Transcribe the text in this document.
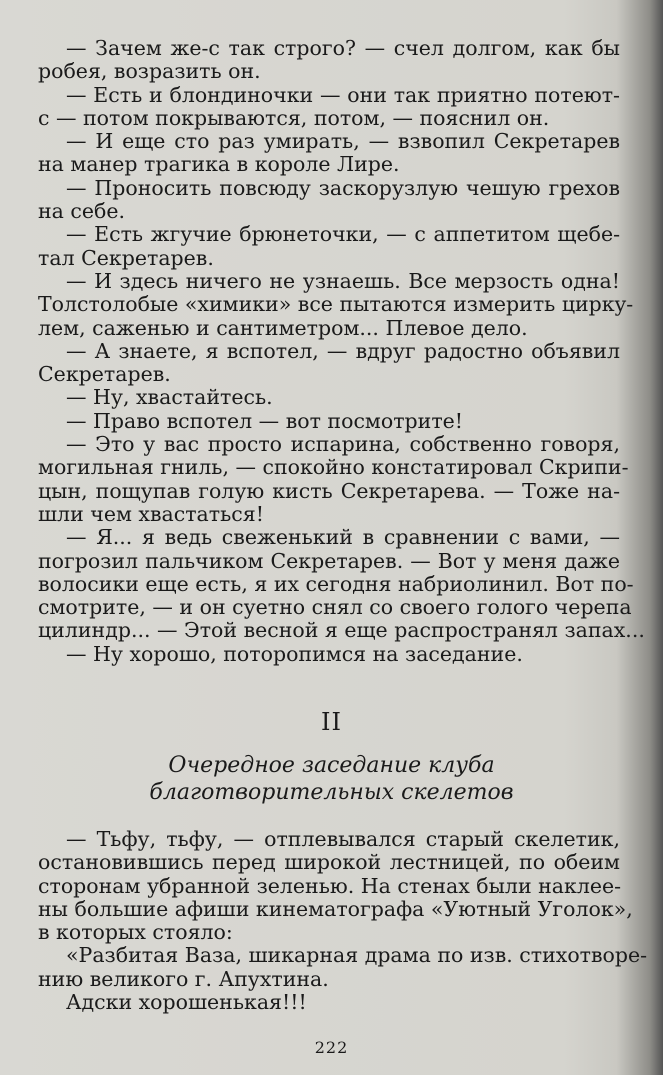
— Зачем же-с так строго? — счел долгом, как бы
робея, возразить он.
— Есть и блондиночки — они так приятно потеют-
с — потом покрываются, потом, — пояснил он.
— И еще сто раз умирать, — взвопил Секретарев
на манер трагика в короле Лире.
— Проносить повсюду заскорузлую чешую грехов
на себе.
— Есть жгучие брюнеточки, — с аппетитом щебе-
тал Секретарев.
— И здесь ничего не узнаешь. Все мерзость одна!
Толстолобые «химики» все пытаются измерить циркy-
лем, саженью и сантиметром... Плевое дело.
— А знаете, я вспотел, — вдруг радостно объявил
Секретарев.
— Ну, хвастайтесь.
— Право вспотел — вот посмотрите!
— Это у вас просто испарина, собственно говоря,
могильная гниль, — спокойно констатировал Скрипи-
цын, пощупав голую кисть Секретарева. — Тоже на-
шли чем хвастаться!
— Я... я ведь свеженький в сравнении с вами, —
погрозил пальчиком Секретарев. — Вот у меня даже
волосики еще есть, я их сегодня набриолинил. Вот по-
смотрите, — и он суетно снял со своего голого черепа
цилиндр... — Этой весной я еще распространял запах...
— Ну хорошо, поторопимся на заседание.
II
Очередное заседание клуба
благотворительных скелетов
— Тьфу, тьфу, — отплевывался старый скелетик,
остановившись перед широкой лестницей, по обеим
сторонам убранной зеленью. На стенах были наклее-
ны большие афиши кинематографа «Уютный Уголок»,
в которых стояло:
«Разбитая Ваза, шикарная драма по изв. стихотворе-
нию великого г. Апухтина.
Адски хорошенькая!!!
222
